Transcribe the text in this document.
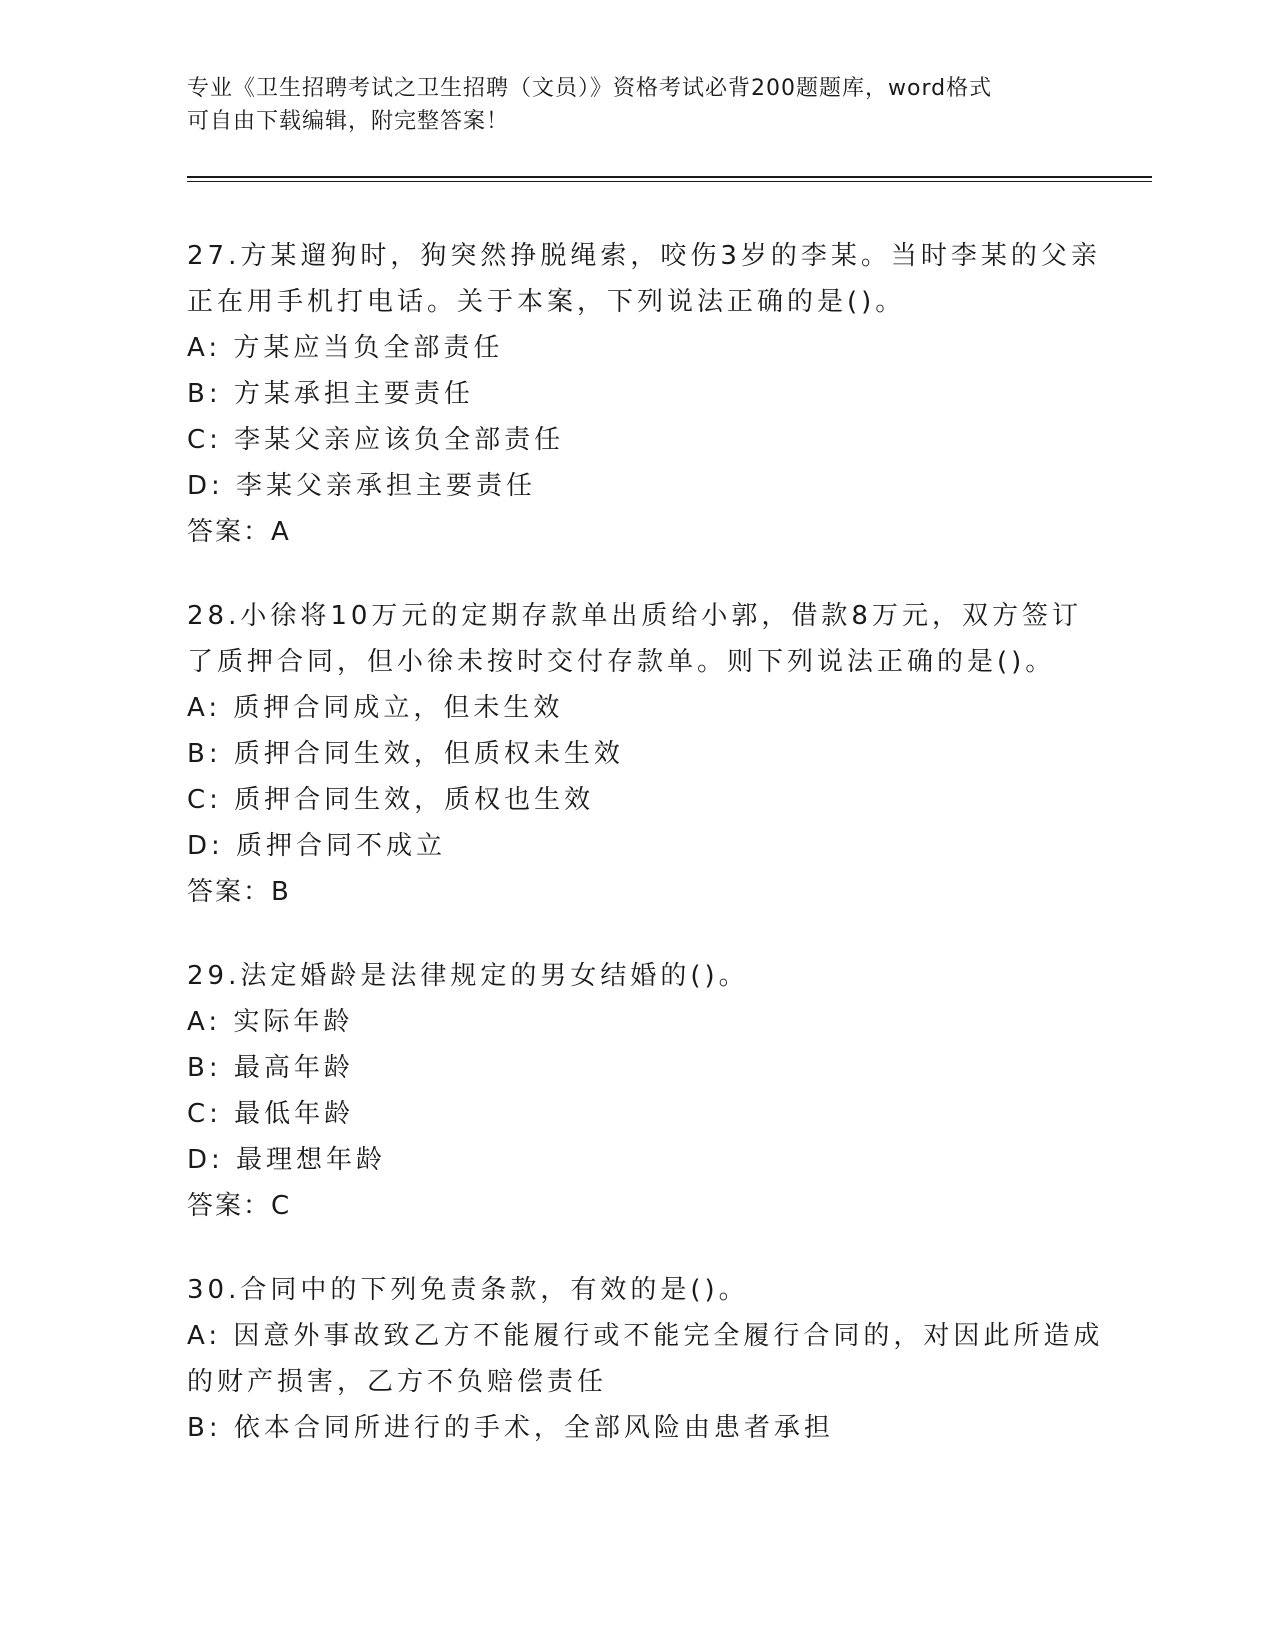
专业《卫生招聘考试之卫生招聘（文员）》资格考试必背200题题库，word格式
可自由下载编辑，附完整答案！
27.方某遛狗时，狗突然挣脱绳索，咬伤3岁的李某。当时李某的父亲
正在用手机打电话。关于本案，下列说法正确的是()。
A: 方某应当负全部责任
B: 方某承担主要责任
C: 李某父亲应该负全部责任
D: 李某父亲承担主要责任
答案：A
28.小徐将10万元的定期存款单出质给小郭，借款8万元，双方签订
了质押合同，但小徐未按时交付存款单。则下列说法正确的是()。
A: 质押合同成立，但未生效
B: 质押合同生效，但质权未生效
C: 质押合同生效，质权也生效
D: 质押合同不成立
答案：B
29.法定婚龄是法律规定的男女结婚的()。
A: 实际年龄
B: 最高年龄
C: 最低年龄
D: 最理想年龄
答案：C
30.合同中的下列免责条款，有效的是()。
A: 因意外事故致乙方不能履行或不能完全履行合同的，对因此所造成
的财产损害，乙方不负赔偿责任
B: 依本合同所进行的手术，全部风险由患者承担
